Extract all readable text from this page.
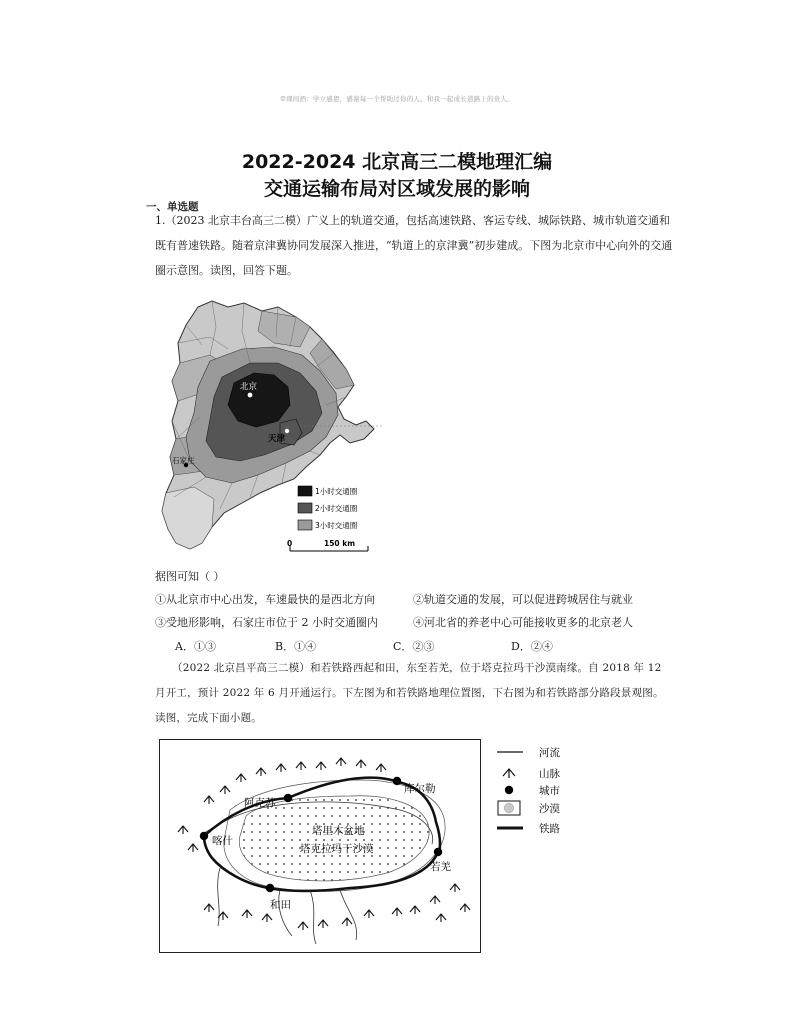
☺课间酒：学立感恩，感谢每一个帮助过你的人。和我一起成长道路上的贵人。
2022-2024 北京高三二模地理汇编
交通运输布局对区域发展的影响
一、单选题
1.（2023 北京丰台高三二模）广义上的轨道交通，包括高速铁路、客运专线、城际铁路、城市轨道交通和
既有普速铁路。随着京津冀协同发展深入推进，“轨道上的京津冀”初步建成。下图为北京市中心向外的交通
圈示意图。读图，回答下题。
北京
天津
石家庄
1小时交通圈
2小时交通圈
3小时交通圈
0	150 km
据图可知（ ）
①从北京市中心出发，车速最快的是西北方向	②轨道交通的发展，可以促进跨城居住与就业
③受地形影响，石家庄市位于 2 小时交通圈内	④河北省的养老中心可能接收更多的北京老人
A．①③	B．①④	C．②③	D．②④
（2022 北京昌平高三二模）和若铁路西起和田，东至若羌，位于塔克拉玛干沙漠南缘。自 2018 年 12
月开工，预计 2022 年 6 月开通运行。下左图为和若铁路地理位置图，下右图为和若铁路部分路段景观图。
读图，完成下面小题。
库尔勒
阿克苏
喀什
和田
若羌
塔里木盆地
塔克拉玛干沙漠
河流
山脉
城市
沙漠
铁路
